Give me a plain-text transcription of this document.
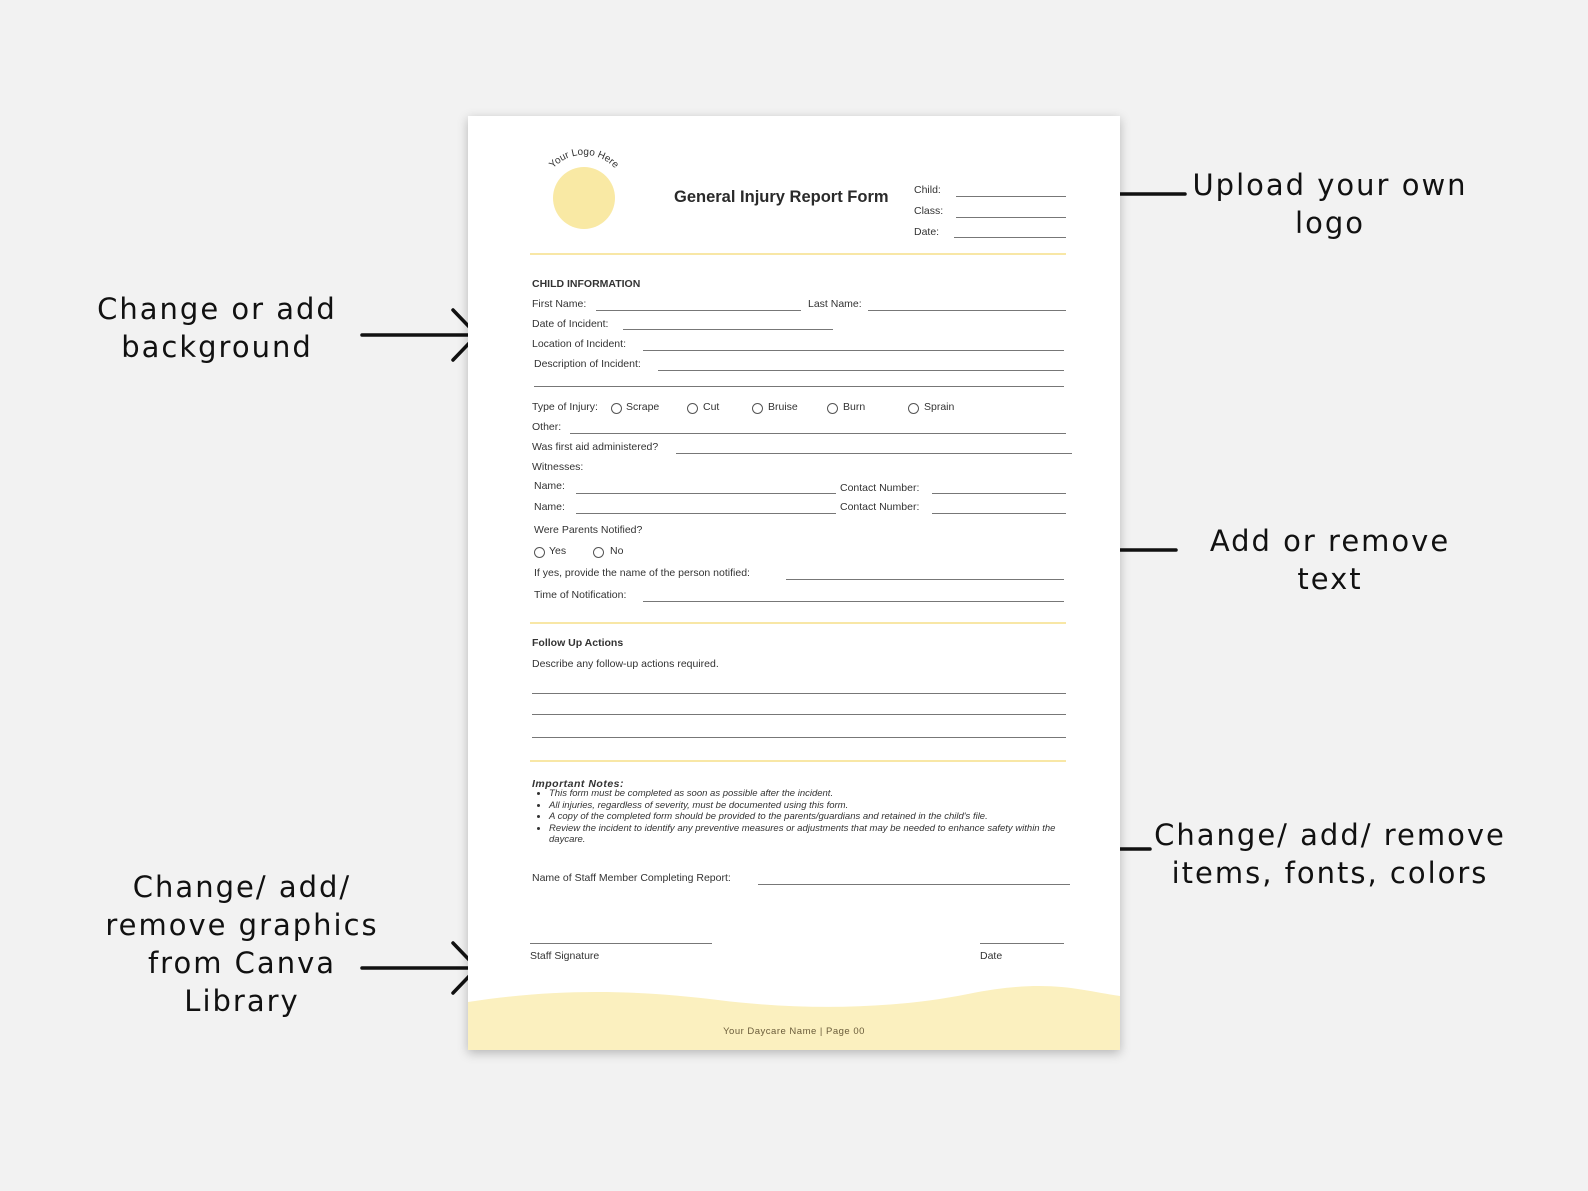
Upload your own logo
Change or add background
Add or remove text
Change/ add/ remove graphics from Canva Library
Change/ add/ remove items, fonts, colors
Your Logo Here
General Injury Report Form Child:
Class:
Date:
CHILD INFORMATION
First Name:	Last Name:
Date of Incident:
Location of Incident:
Description of Incident:
Type of Injury:	Scrape	Cut	Bruise	Burn	Sprain
Other:
Was first aid administered?
Witnesses:
Name:	Contact Number:
Name:	Contact Number:
Were Parents Notified?
Yes	No
If yes, provide the name of the person notified:
Time of Notification:
Follow Up Actions
Describe any follow-up actions required.
Important Notes:
• This form must be completed as soon as possible after the incident.
• All injuries, regardless of severity, must be documented using this form.
• A copy of the completed form should be provided to the parents/guardians and retained in the child's file.
• Review the incident to identify any preventive measures or adjustments that may be needed to enhance safety within the daycare.
Name of Staff Member Completing Report:
Staff Signature	Date
Your Daycare Name | Page 00
